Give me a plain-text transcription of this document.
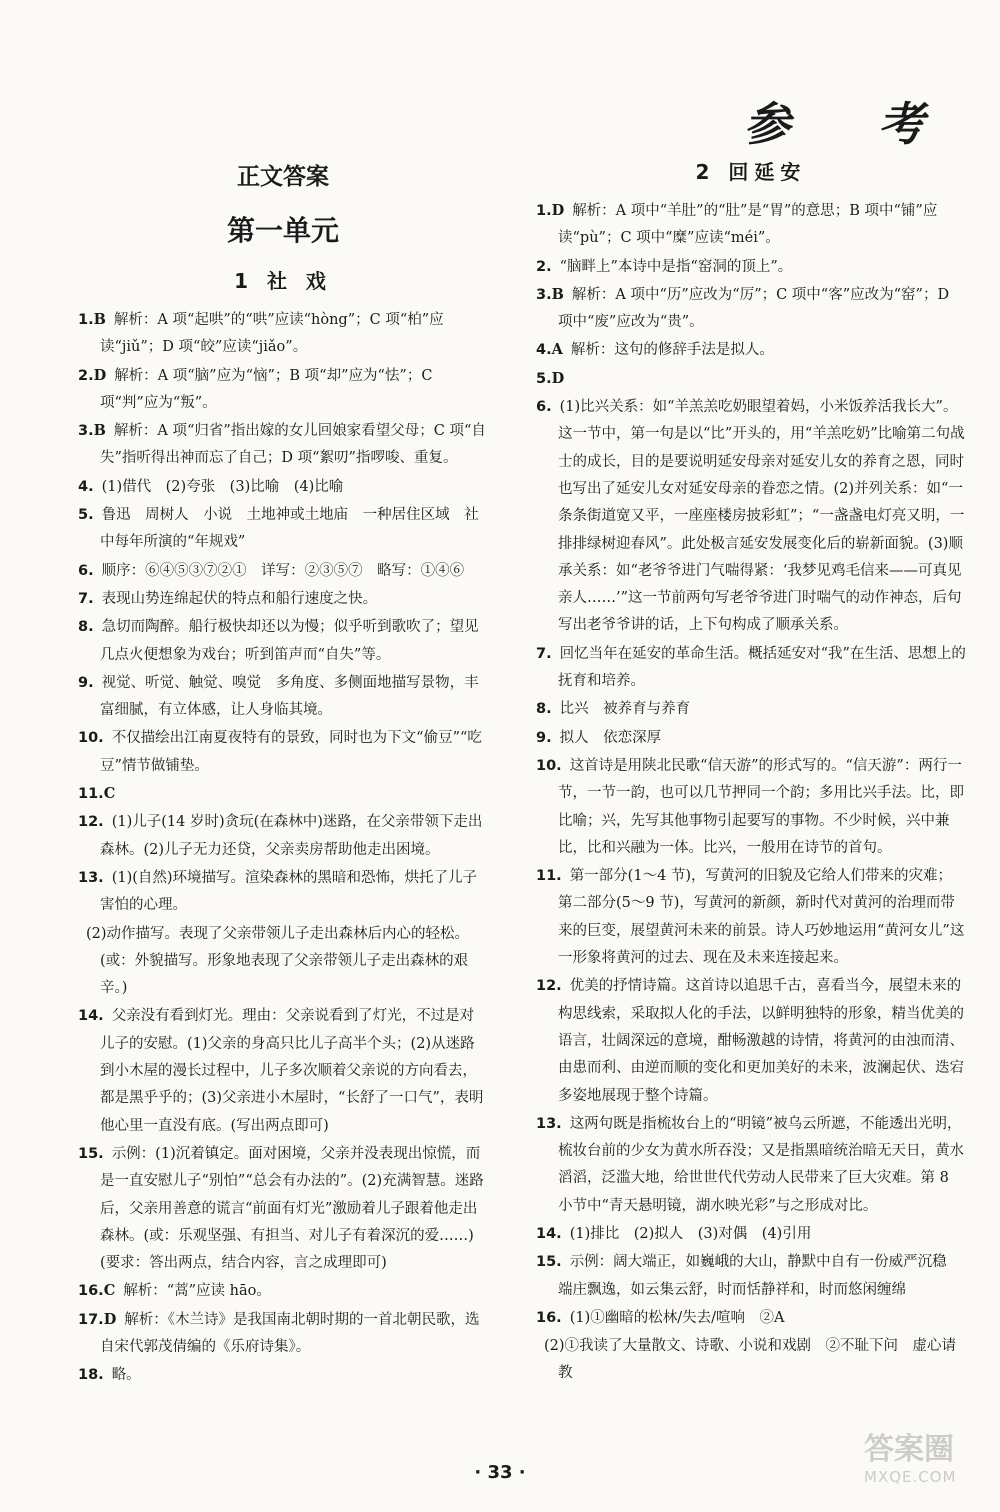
参 考
正文答案
第一单元
1 社 戏

1.B 解析：A 项“起哄”的“哄”应读“hòng”；C 项“柏”应读“jiǔ”；D 项“皎”应读“jiǎo”。

2.D 解析：A 项“脑”应为“恼”；B 项“却”应为“怯”；C 项“判”应为“叛”。

3.B 解析：A 项“归省”指出嫁的女儿回娘家看望父母；C 项“自失”指听得出神而忘了自己；D 项“絮叨”指啰唆、重复。

4. (1)借代　(2)夸张　(3)比喻　(4)比喻

5. 鲁迅　周树人　小说　土地神或土地庙　一种居住区域　社中每年所演的“年规戏”

6. 顺序：⑥④⑤③⑦②①　详写：②③⑤⑦　略写：①④⑥

7. 表现山势连绵起伏的特点和船行速度之快。

8. 急切而陶醉。船行极快却还以为慢；似乎听到歌吹了；望见几点火便想象为戏台；听到笛声而“自失”等。

9. 视觉、听觉、触觉、嗅觉　多角度、多侧面地描写景物，丰富细腻，有立体感，让人身临其境。

10. 不仅描绘出江南夏夜特有的景致，同时也为下文“偷豆”“吃豆”情节做铺垫。

11.C

12. (1)儿子(14 岁时)贪玩(在森林中)迷路，在父亲带领下走出森林。(2)儿子无力还贷，父亲卖房帮助他走出困境。

13. (1)(自然)环境描写。渲染森林的黑暗和恐怖，烘托了儿子害怕的心理。

(2)动作描写。表现了父亲带领儿子走出森林后内心的轻松。(或：外貌描写。形象地表现了父亲带领儿子走出森林的艰辛。)

14. 父亲没有看到灯光。理由：父亲说看到了灯光，不过是对儿子的安慰。(1)父亲的身高只比儿子高半个头；(2)从迷路到小木屋的漫长过程中，儿子多次顺着父亲说的方向看去，都是黑乎乎的；(3)父亲进小木屋时，“长舒了一口气”，表明他心里一直没有底。(写出两点即可)

15. 示例：(1)沉着镇定。面对困境，父亲并没表现出惊慌，而是一直安慰儿子“别怕”“总会有办法的”。(2)充满智慧。迷路后，父亲用善意的谎言“前面有灯光”激励着儿子跟着他走出森林。(或：乐观坚强、有担当、对儿子有着深沉的爱……)(要求：答出两点，结合内容，言之成理即可)

16.C 解析：“蒿”应读 hāo。

17.D 解析：《木兰诗》是我国南北朝时期的一首北朝民歌，选自宋代郭茂倩编的《乐府诗集》。

18. 略。

2 回延安

1.D 解析：A 项中“羊肚”的“肚”是“胃”的意思；B 项中“铺”应读“pù”；C 项中“糜”应读“méi”。

2. “脑畔上”本诗中是指“窑洞的顶上”。

3.B 解析：A 项中“历”应改为“厉”；C 项中“客”应改为“窑”；D 项中“废”应改为“贵”。

4.A 解析：这句的修辞手法是拟人。

5.D

6. (1)比兴关系：如“羊羔羔吃奶眼望着妈，小米饭养活我长大”。这一节中，第一句是以“比”开头的，用“羊羔吃奶”比喻第二句战士的成长，目的是要说明延安母亲对延安儿女的养育之恩，同时也写出了延安儿女对延安母亲的眷恋之情。(2)并列关系：如“一条条街道宽又平，一座座楼房披彩虹”；“一盏盏电灯亮又明，一排排绿树迎春风”。此处极言延安发展变化后的崭新面貌。(3)顺承关系：如“老爷爷进门气喘得紧：‘我梦见鸡毛信来——可真见亲人……’”这一节前两句写老爷爷进门时喘气的动作神态，后句写出老爷爷讲的话，上下句构成了顺承关系。

7. 回忆当年在延安的革命生活。概括延安对“我”在生活、思想上的抚育和培养。

8. 比兴　被养育与养育

9. 拟人　依恋深厚

10. 这首诗是用陕北民歌“信天游”的形式写的。“信天游”：两行一节，一节一韵，也可以几节押同一个韵；多用比兴手法。比，即比喻；兴，先写其他事物引起要写的事物。不少时候，兴中兼比，比和兴融为一体。比兴，一般用在诗节的首句。

11. 第一部分(1～4 节)，写黄河的旧貌及它给人们带来的灾难；第二部分(5～9 节)，写黄河的新颜，新时代对黄河的治理而带来的巨变，展望黄河未来的前景。诗人巧妙地运用“黄河女儿”这一形象将黄河的过去、现在及未来连接起来。

12. 优美的抒情诗篇。这首诗以追思千古，喜看当今，展望未来的构思线索，采取拟人化的手法，以鲜明独特的形象，精当优美的语言，壮阔深远的意境，酣畅激越的诗情，将黄河的由浊而清、由患而利、由逆而顺的变化和更加美好的未来，波澜起伏、迭宕多姿地展现于整个诗篇。

13. 这两句既是指梳妆台上的“明镜”被乌云所遮，不能透出光明，梳妆台前的少女为黄水所吞没；又是指黑暗统治暗无天日，黄水滔滔，泛滥大地，给世世代代劳动人民带来了巨大灾难。第 8 小节中“青天悬明镜，湖水映光彩”与之形成对比。

14. (1)排比　(2)拟人　(3)对偶　(4)引用

15. 示例：阔大端正，如巍峨的大山，静默中自有一份威严沉稳　端庄飘逸，如云集云舒，时而恬静祥和，时而悠闲缠绵

16. (1)①幽暗的松林/失去/喧响　②A

(2)①我读了大量散文、诗歌、小说和戏剧　②不耻下问　虚心请教

· 33 ·
答案圈
MXQE.COM
